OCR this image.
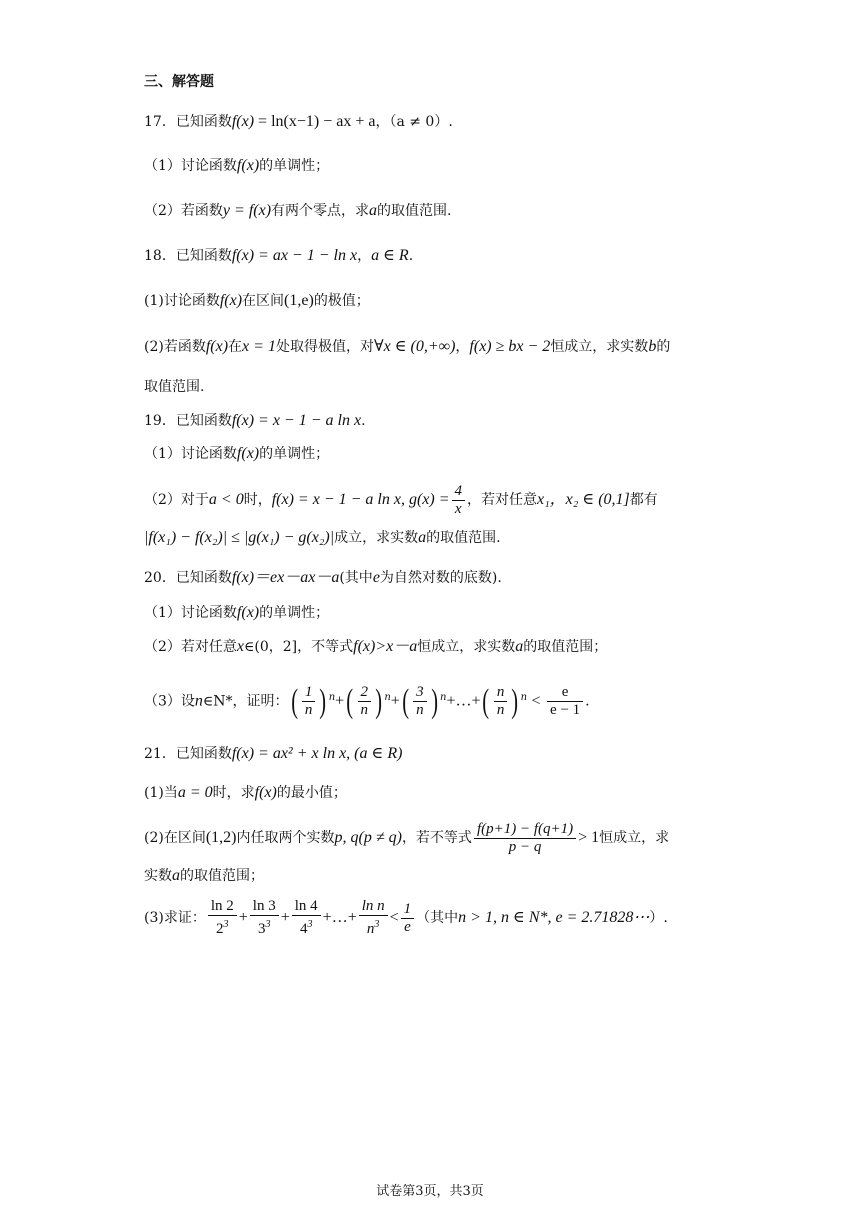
三、解答题
17．已知函数f(x) = ln(x−1) − ax + a，（a ≠ 0）.
（1）讨论函数f(x)的单调性；
（2）若函数y = f(x)有两个零点，求a的取值范围.
18．已知函数f(x) = ax − 1 − ln x，a ∈ R.
(1)讨论函数f(x)在区间(1,e)的极值；
(2)若函数f(x)在x = 1处取得极值，对∀x ∈ (0,+∞)，f(x) ≥ bx − 2恒成立，求实数b的
取值范围.
19．已知函数f(x) = x − 1 − a ln x.
（1）讨论函数f(x)的单调性；
（2）对于a < 0时，f(x) = x − 1 − a ln x, $g(x) = \frac{4}{x}$ ，若对任意x₁，x₂ ∈ (0,1]都有
|f(x₁) − f(x₂)| ≤ |g(x₁) − g(x₂)|成立，求实数a的取值范围.
20．已知函数f(x)＝ex－ax－a(其中e为自然对数的底数).
（1）讨论函数f(x)的单调性；
（2）若对任意x∈(0，2]，不等式f(x)>x－a恒成立，求实数a的取值范围；
（3）设n∈N*，证明：( $\frac{1}{n}$ ) $^n+( \frac{2}{n}$ ) $^n+( \frac{3}{n}$ ) $^n$+…+( $\frac{n}{n}$ ) $^n < \frac{e}{e - 1}$ .
21．已知函数f(x) = ax² + x ln x, (a ∈ R)
(1)当a = 0时，求f(x)的最小值；
(2)在区间(1,2)内任取两个实数p, q(p ≠ q)，若不等式 $\frac{f(p+1) - f(q+1)}{p - q} > 1$恒成立，求
实数a的取值范围；
(3)求证： $\frac{\ln 2}{2^3} + \frac{\ln 3}{3^3} + \frac{\ln 4}{4^3}$ +…+ $\frac{\text{ln n}}{n^3} < \frac{1}{e}$ （其中n > 1, n ∈ N*, e = 2.71828⋯）.
试卷第3页，共3页
